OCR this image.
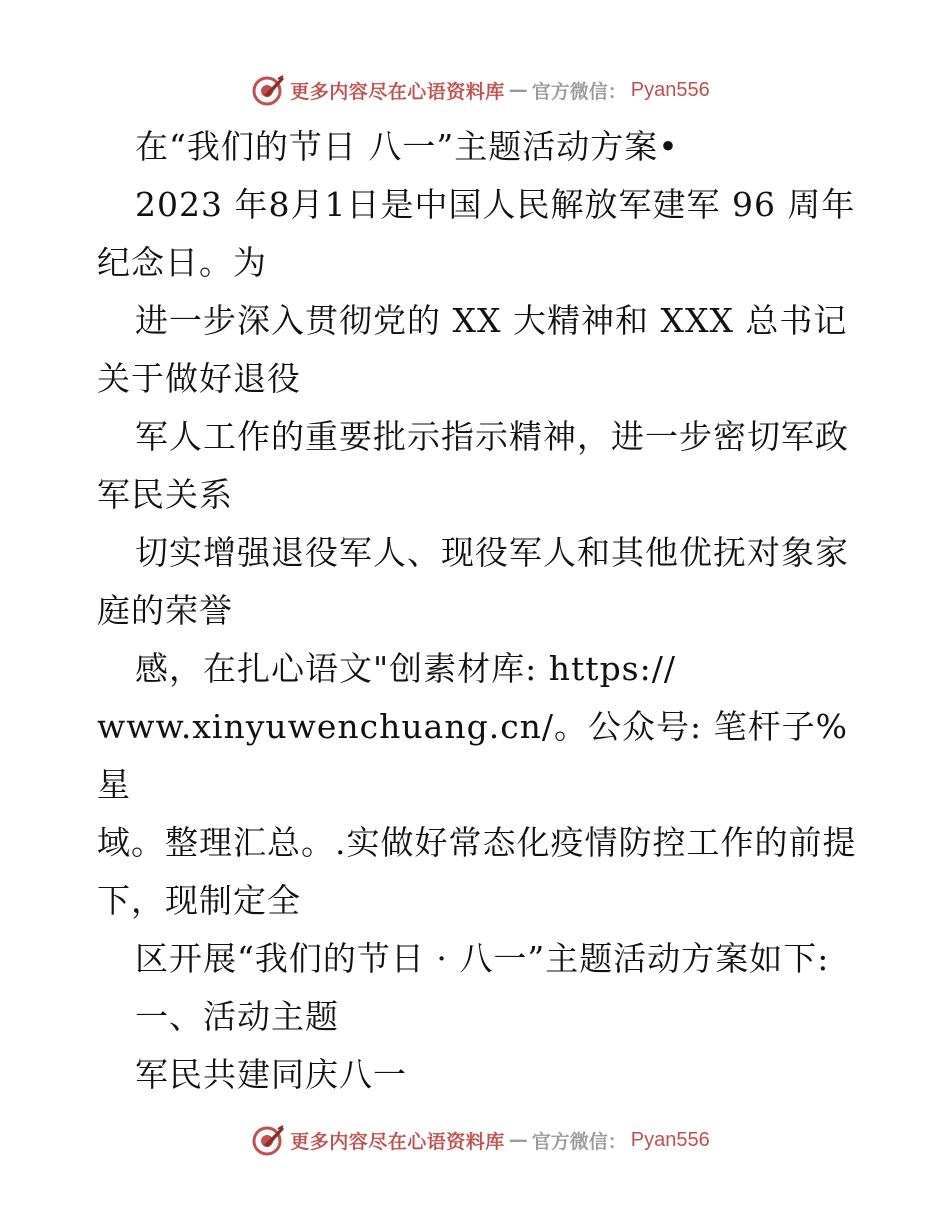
更多内容尽在心语资料库 — 官方微信： Pyan556

在“我们的节日 八一”主题活动方案•

2023 年8月1日是中国人民解放军建军 96 周年纪念日。为

进一步深入贯彻党的 XX 大精神和 XXX 总书记关于做好退役

军人工作的重要批示指示精神，进一步密切军政军民关系

切实增强退役军人、现役军人和其他优抚对象家庭的荣誉

感，在扎心语文"创素材库: https://

www.xinyuwenchuang.cn/。公众号: 笔杆子%星

域。整理汇总。.实做好常态化疫情防控工作的前提下，现制定全

区开展“我们的节日 · 八一”主题活动方案如下:

一、活动主题

军民共建同庆八一

更多内容尽在心语资料库 — 官方微信： Pyan556
